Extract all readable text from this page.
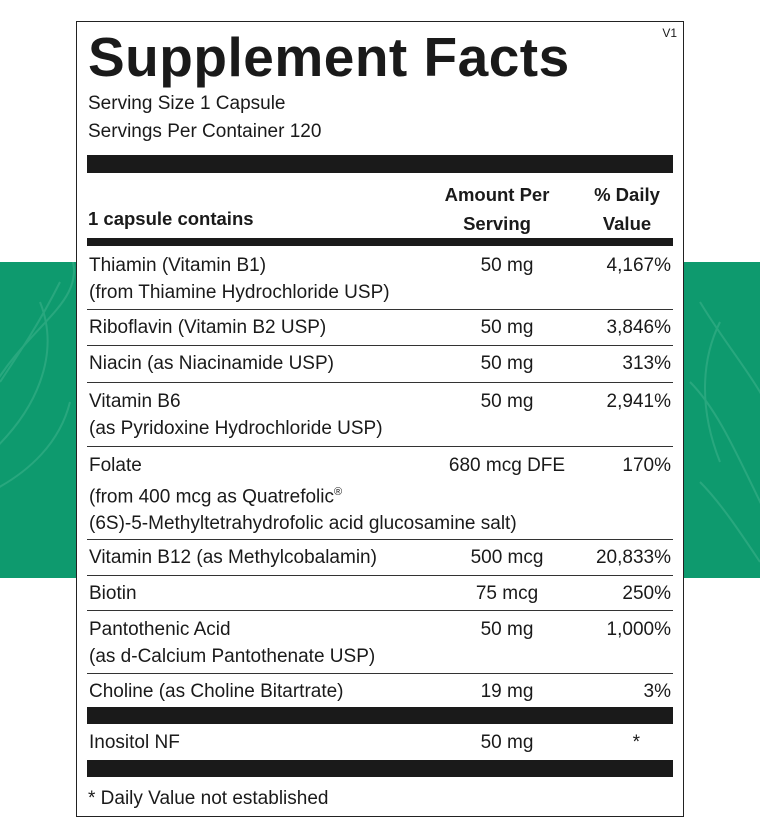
V1
Supplement Facts
Serving Size 1 Capsule
Servings Per Container 120
1 capsule contains
Amount Per
Serving
% Daily
Value
Thiamin (Vitamin B1)
(from Thiamine Hydrochloride USP)
50 mg	4,167%
Riboflavin (Vitamin B2 USP)	50 mg	3,846%
Niacin (as Niacinamide USP)	50 mg	313%
Vitamin B6
(as Pyridoxine Hydrochloride USP)
50 mg	2,941%
Folate
(from 400 mcg as Quatrefolic®
(6S)-5-Methyltetrahydrofolic acid glucosamine salt)
680 mcg DFE	170%
Vitamin B12 (as Methylcobalamin)	500 mcg	20,833%
Biotin	75 mcg	250%
Pantothenic Acid
(as d-Calcium Pantothenate USP)
50 mg	1,000%
Choline (as Choline Bitartrate)	19 mg	3%
Inositol NF	50 mg	*
* Daily Value not established
